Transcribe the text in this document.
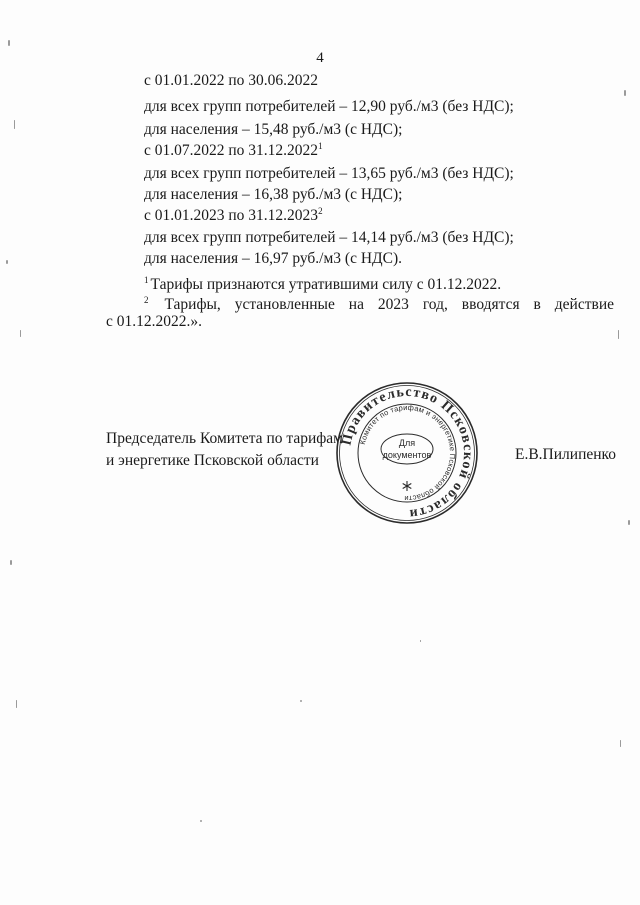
4
с 01.01.2022 по 30.06.2022
для всех групп потребителей – 12,90 руб./м3 (без НДС);
для населения – 15,48 руб./м3 (с НДС);
с 01.07.2022 по 31.12.2022$^1$
для всех групп потребителей – 13,65 руб./м3 (без НДС);
для населения – 16,38 руб./м3 (с НДС);
с 01.01.2023 по 31.12.2023$^2$
для всех групп потребителей – 14,14 руб./м3 (без НДС);
для населения – 16,97 руб./м3 (с НДС).
$^1$ Тарифы признаются утратившими силу с 01.12.2022.
$^2$ Тарифы, установленные на 2023 год, вводятся в действие
с 01.12.2022.».
Председатель Комитета по тарифам
и энергетике Псковской области	Е.В.Пилипенко
Правительство Псковской области
Комитет по тарифам и энергетике Псковской области
Для
документов
